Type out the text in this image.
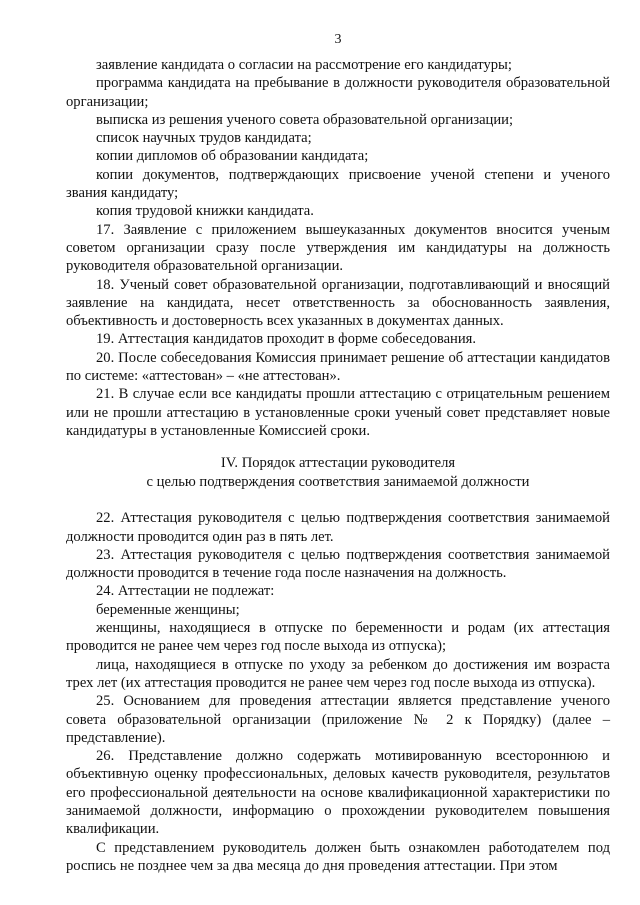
3

заявление кандидата о согласии на рассмотрение его кандидатуры;

программа кандидата на пребывание в должности руководителя образовательной организации;

выписка из решения ученого совета образовательной организации;

список научных трудов кандидата;

копии дипломов об образовании кандидата;

копии документов, подтверждающих присвоение ученой степени и ученого звания кандидату;

копия трудовой книжки кандидата.

17. Заявление с приложением вышеуказанных документов вносится ученым советом организации сразу после утверждения им кандидатуры на должность руководителя образовательной организации.

18. Ученый совет образовательной организации, подготавливающий и вносящий заявление на кандидата, несет ответственность за обоснованность заявления, объективность и достоверность всех указанных в документах данных.

19. Аттестация кандидатов проходит в форме собеседования.

20. После собеседования Комиссия принимает решение об аттестации кандидатов по системе: «аттестован» – «не аттестован».

21. В случае если все кандидаты прошли аттестацию с отрицательным решением или не прошли аттестацию в установленные сроки ученый совет представляет новые кандидатуры в установленные Комиссией сроки.

IV. Порядок аттестации руководителя

с целью подтверждения соответствия занимаемой должности

22. Аттестация руководителя с целью подтверждения соответствия занимаемой должности проводится один раз в пять лет.

23. Аттестация руководителя с целью подтверждения соответствия занимаемой должности проводится в течение года после назначения на должность.

24. Аттестации не подлежат:

беременные женщины;

женщины, находящиеся в отпуске по беременности и родам (их аттестация проводится не ранее чем через год после выхода из отпуска);

лица, находящиеся в отпуске по уходу за ребенком до достижения им возраста трех лет (их аттестация проводится не ранее чем через год после выхода из отпуска).

25. Основанием для проведения аттестации является представление ученого совета образовательной организации (приложение № 2 к Порядку) (далее – представление).

26. Представление должно содержать мотивированную всестороннюю и объективную оценку профессиональных, деловых качеств руководителя, результатов его профессиональной деятельности на основе квалификационной характеристики по занимаемой должности, информацию о прохождении руководителем повышения квалификации.

С представлением руководитель должен быть ознакомлен работодателем под роспись не позднее чем за два месяца до дня проведения аттестации. При этом
